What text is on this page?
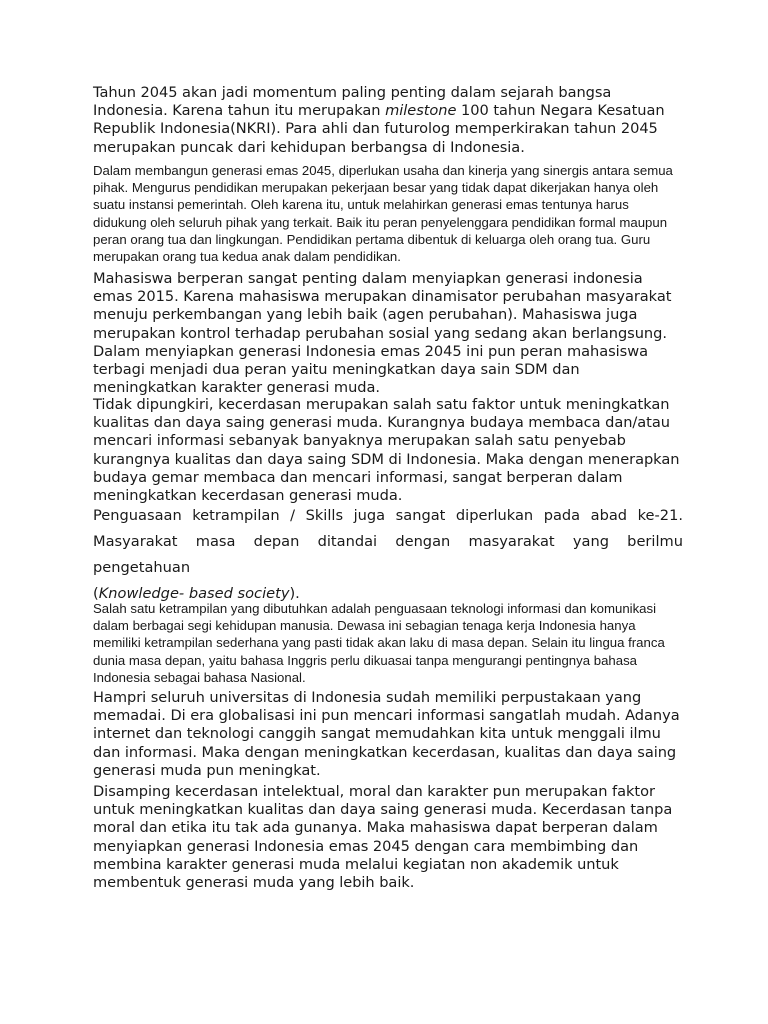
Tahun 2045 akan jadi momentum paling penting dalam sejarah bangsa Indonesia. Karena tahun itu merupakan milestone 100 tahun Negara Kesatuan Republik Indonesia(NKRI). Para ahli dan futurolog memperkirakan tahun 2045 merupakan puncak dari kehidupan berbangsa di Indonesia.

Dalam membangun generasi emas 2045, diperlukan usaha dan kinerja yang sinergis antara semua pihak. Mengurus pendidikan merupakan pekerjaan besar yang tidak dapat dikerjakan hanya oleh suatu instansi pemerintah. Oleh karena itu, untuk melahirkan generasi emas tentunya harus didukung oleh seluruh pihak yang terkait. Baik itu peran penyelenggara pendidikan formal maupun peran orang tua dan lingkungan. Pendidikan pertama dibentuk di keluarga oleh orang tua. Guru merupakan orang tua kedua anak dalam pendidikan.

Mahasiswa berperan sangat penting dalam menyiapkan generasi indonesia emas 2015. Karena mahasiswa merupakan dinamisator perubahan masyarakat menuju perkembangan yang lebih baik (agen perubahan). Mahasiswa juga merupakan kontrol terhadap perubahan sosial yang sedang akan berlangsung. Dalam menyiapkan generasi Indonesia emas 2045 ini pun peran mahasiswa terbagi menjadi dua peran yaitu meningkatkan daya sain SDM dan meningkatkan karakter generasi muda.

Tidak dipungkiri, kecerdasan merupakan salah satu faktor untuk meningkatkan kualitas dan daya saing generasi muda. Kurangnya budaya membaca dan/atau mencari informasi sebanyak banyaknya merupakan salah satu penyebab kurangnya kualitas dan daya saing SDM di Indonesia. Maka dengan menerapkan budaya gemar membaca dan mencari informasi, sangat berperan dalam meningkatkan kecerdasan generasi muda.

Penguasaan ketrampilan / Skills juga sangat diperlukan pada abad ke-21.
Masyarakat masa depan ditandai dengan masyarakat yang berilmu pengetahuan
(Knowledge- based society).

Salah satu ketrampilan yang dibutuhkan adalah penguasaan teknologi informasi dan komunikasi dalam berbagai segi kehidupan manusia. Dewasa ini sebagian tenaga kerja Indonesia hanya memiliki ketrampilan sederhana yang pasti tidak akan laku di masa depan. Selain itu lingua franca dunia masa depan, yaitu bahasa Inggris perlu dikuasai tanpa mengurangi pentingnya bahasa Indonesia sebagai bahasa Nasional.

Hampri seluruh universitas di Indonesia sudah memiliki perpustakaan yang memadai. Di era globalisasi ini pun mencari informasi sangatlah mudah. Adanya internet dan teknologi canggih sangat memudahkan kita untuk menggali ilmu dan informasi. Maka dengan meningkatkan kecerdasan, kualitas dan daya saing generasi muda pun meningkat.

Disamping kecerdasan intelektual, moral dan karakter pun merupakan faktor untuk meningkatkan kualitas dan daya saing generasi muda. Kecerdasan tanpa moral dan etika itu tak ada gunanya. Maka mahasiswa dapat berperan dalam menyiapkan generasi Indonesia emas 2045 dengan cara membimbing dan membina karakter generasi muda melalui kegiatan non akademik untuk membentuk generasi muda yang lebih baik.
